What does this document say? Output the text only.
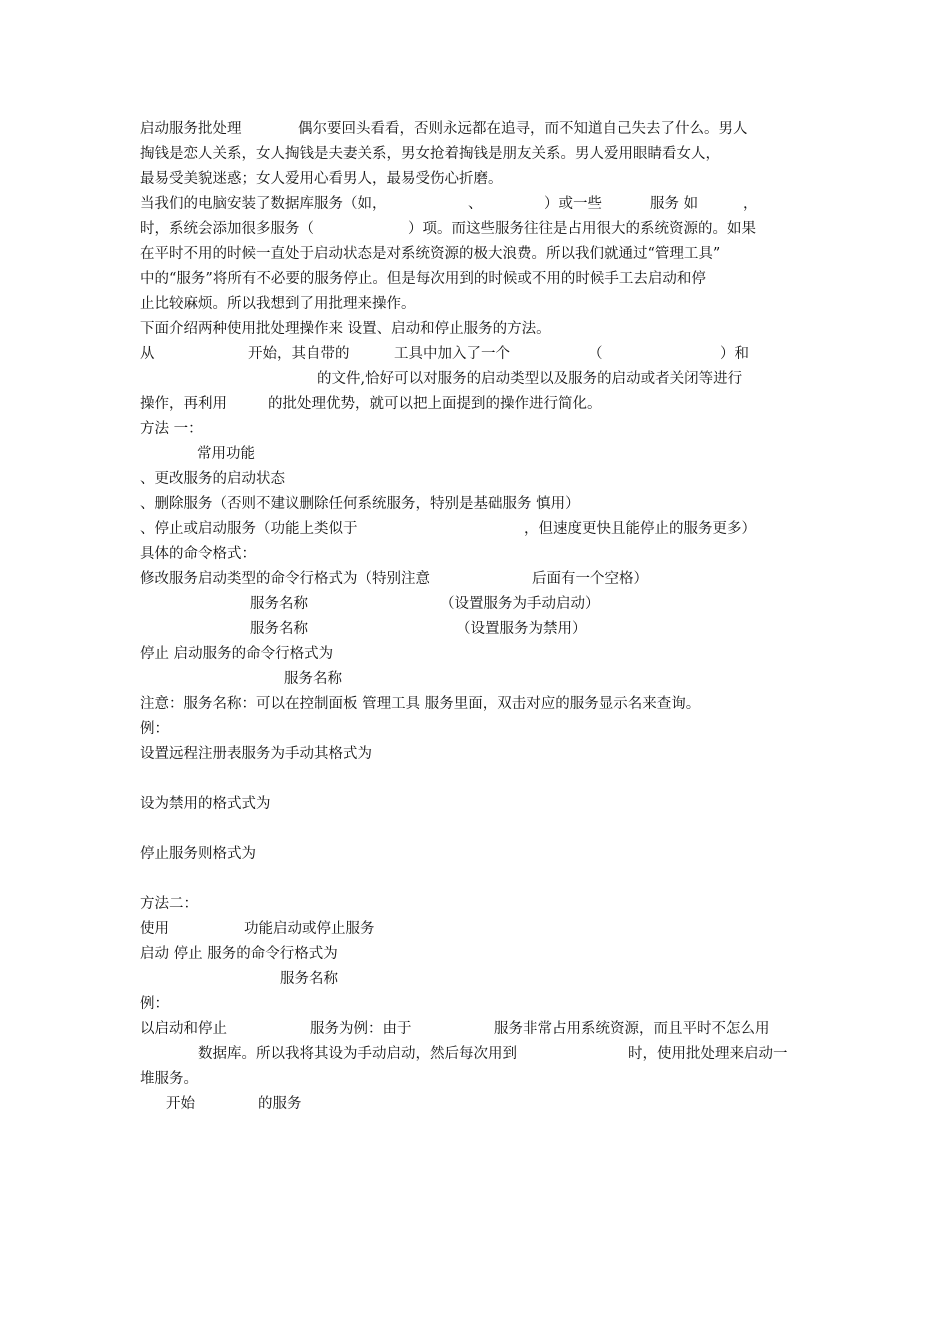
启动服务批处理	偶尔要回头看看，否则永远都在追寻，而不知道自己失去了什么。男人
掏钱是恋人关系，女人掏钱是夫妻关系，男女抢着掏钱是朋友关系。男人爱用眼睛看女人，
最易受美貌迷惑；女人爱用心看男人，最易受伤心折磨。
当我们的电脑安装了数据库服务（如，	、	）或一些	服务 如	，
时，系统会添加很多服务（	）项。而这些服务往往是占用很大的系统资源的。如果
在平时不用的时候一直处于启动状态是对系统资源的极大浪费。所以我们就通过“管理工具”
中的“服务”将所有不必要的服务停止。但是每次用到的时候或不用的时候手工去启动和停
止比较麻烦。所以我想到了用批理来操作。
下面介绍两种使用批处理操作来 设置、启动和停止服务的方法。
从	开始，其自带的	工具中加入了一个	（	）和
的文件,恰好可以对服务的启动类型以及服务的启动或者关闭等进行
操作，再利用	的批处理优势，就可以把上面提到的操作进行简化。
方法 一：
常用功能
、更改服务的启动状态
、删除服务（否则不建议删除任何系统服务，特别是基础服务 慎用）
、停止或启动服务（功能上类似于	，但速度更快且能停止的服务更多）
具体的命令格式：
修改服务启动类型的命令行格式为（特别注意	后面有一个空格）
服务名称	（设置服务为手动启动）
服务名称	（设置服务为禁用）
停止 启动服务的命令行格式为
服务名称
注意：服务名称：可以在控制面板 管理工具 服务里面，双击对应的服务显示名来查询。
例：
设置远程注册表服务为手动其格式为
设为禁用的格式式为
停止服务则格式为
方法二：
使用	功能启动或停止服务
启动 停止 服务的命令行格式为
服务名称
例：
以启动和停止	服务为例：由于	服务非常占用系统资源，而且平时不怎么用
数据库。所以我将其设为手动启动，然后每次用到	时，使用批处理来启动一
堆服务。
开始	的服务
